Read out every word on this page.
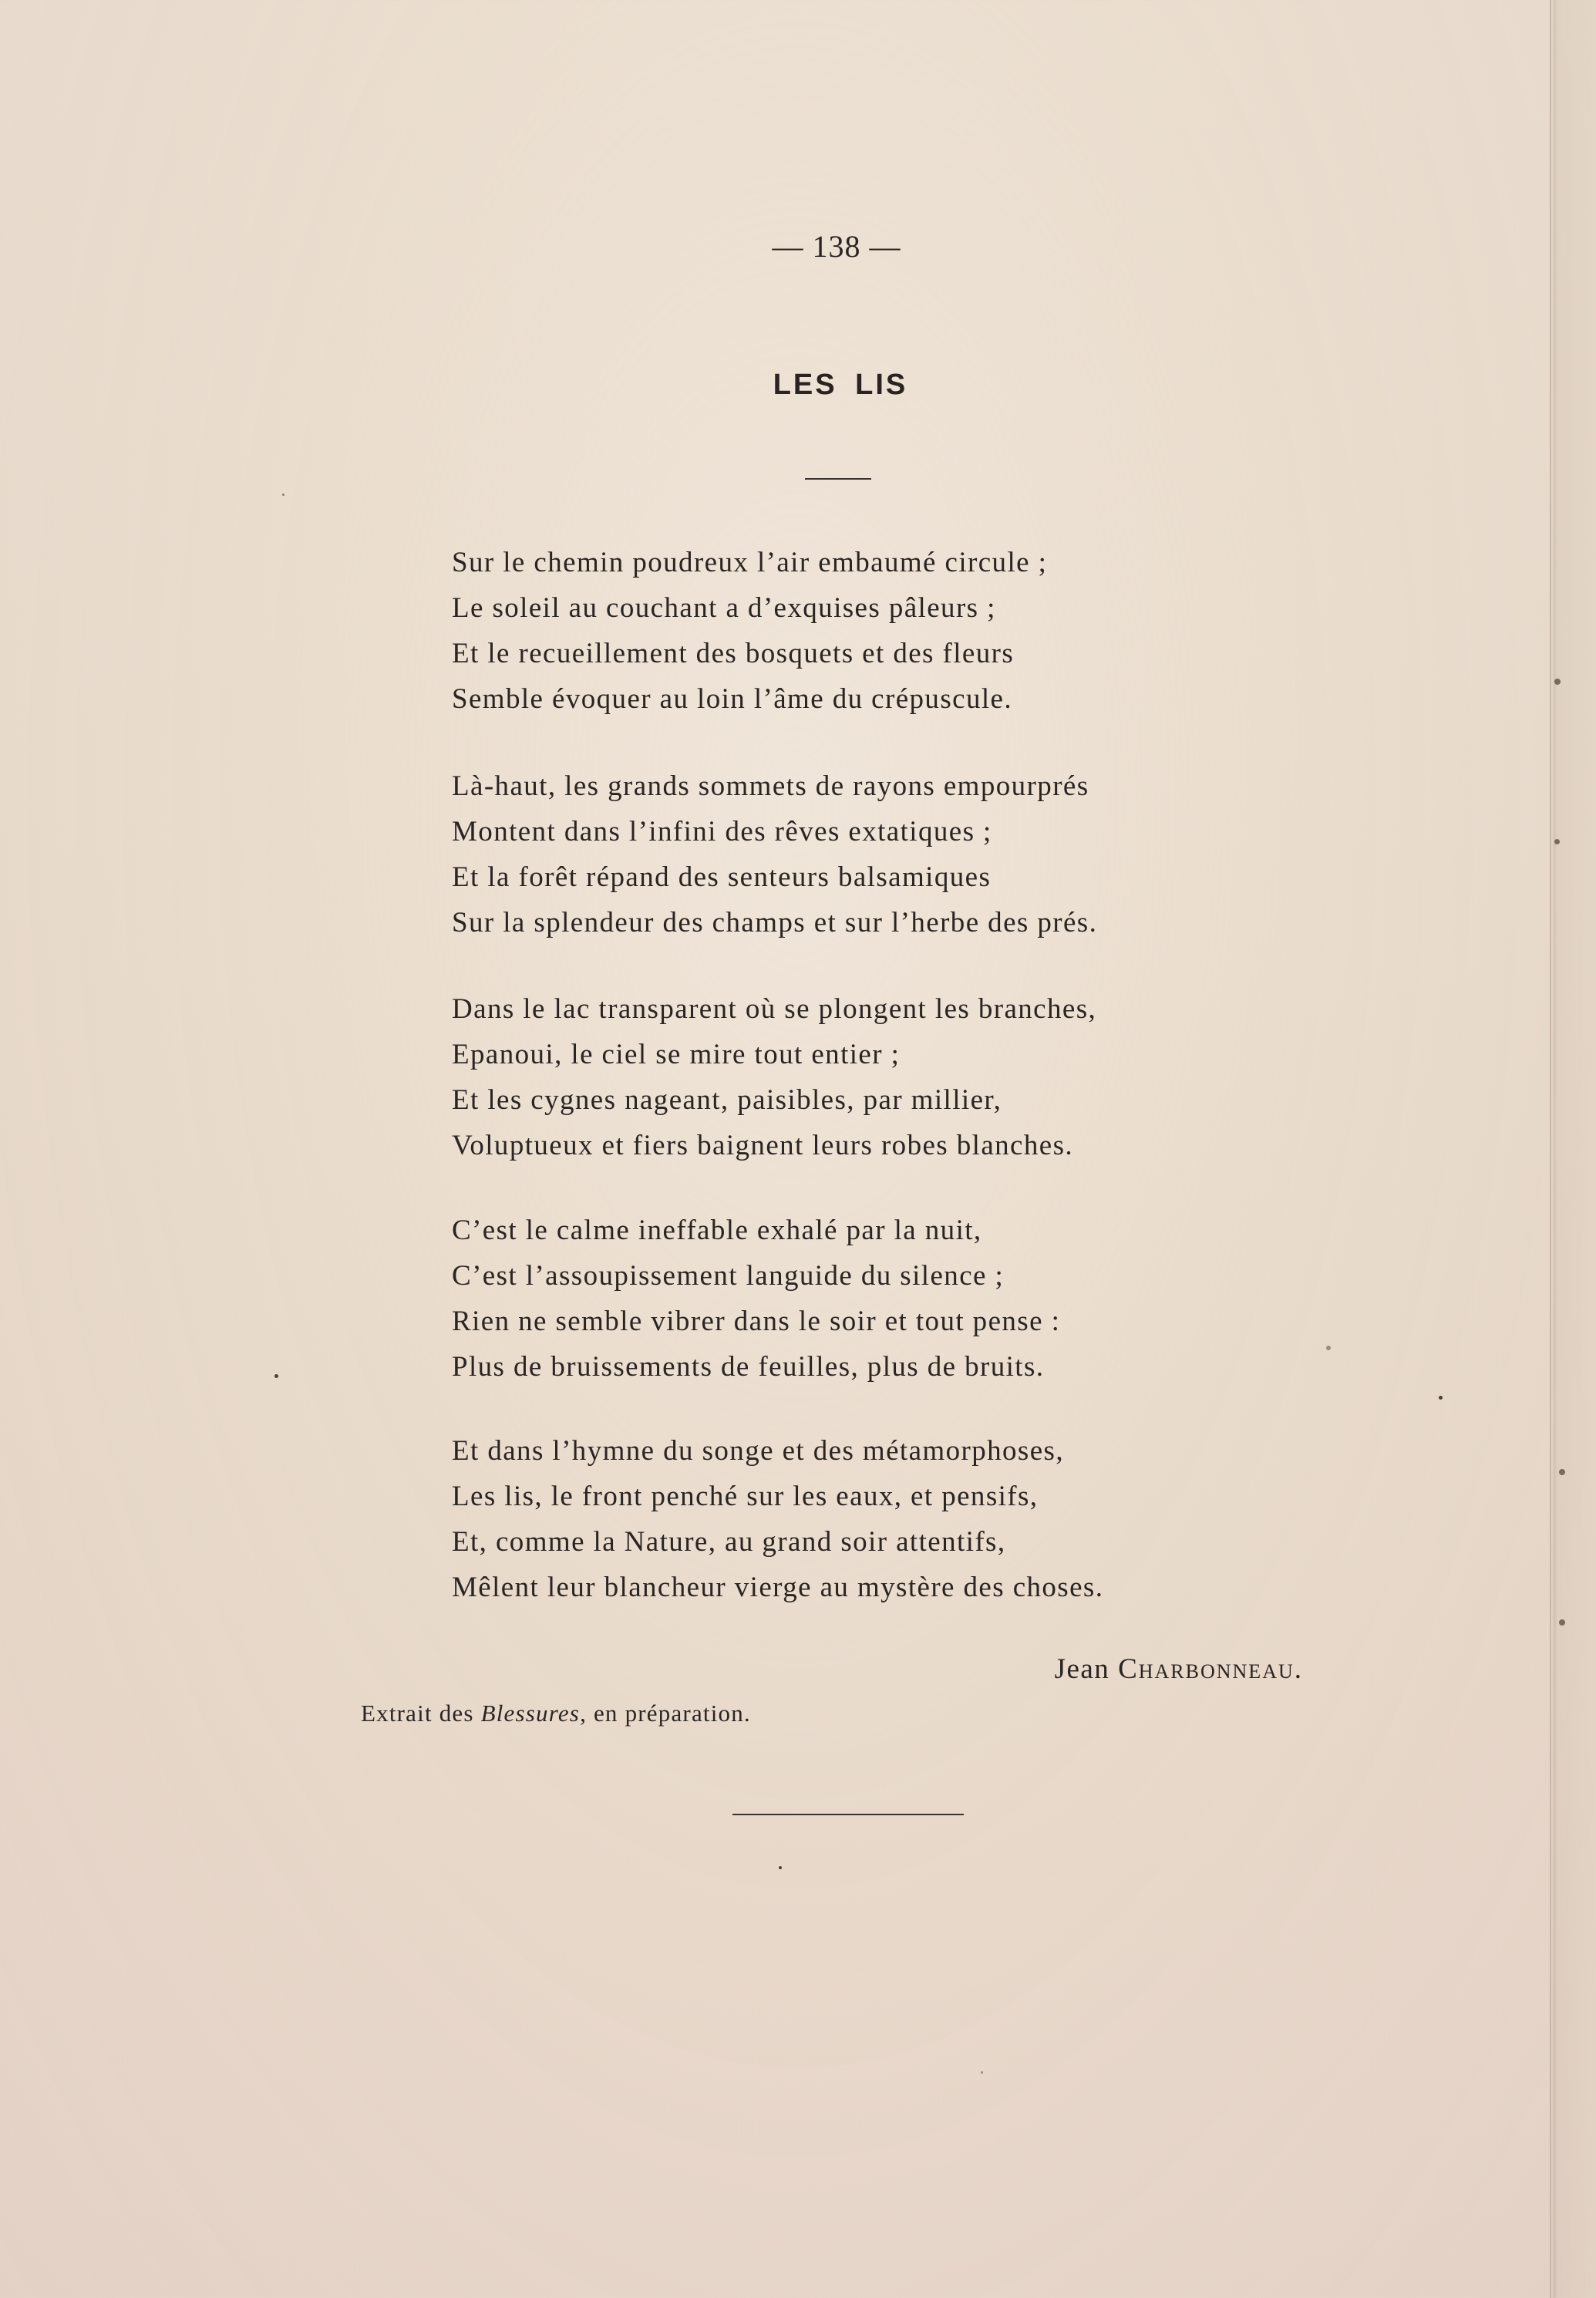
— 138 —
LES LIS
Sur le chemin poudreux l’air embaumé circule ;
Le soleil au couchant a d’exquises pâleurs ;
Et le recueillement des bosquets et des fleurs
Semble évoquer au loin l’âme du crépuscule.
Là-haut, les grands sommets de rayons empourprés
Montent dans l’infini des rêves extatiques ;
Et la forêt répand des senteurs balsamiques
Sur la splendeur des champs et sur l’herbe des prés.
Dans le lac transparent où se plongent les branches,
Epanoui, le ciel se mire tout entier ;
Et les cygnes nageant, paisibles, par millier,
Voluptueux et fiers baignent leurs robes blanches.
C’est le calme ineffable exhalé par la nuit,
C’est l’assoupissement languide du silence ;
Rien ne semble vibrer dans le soir et tout pense :
Plus de bruissements de feuilles, plus de bruits.
Et dans l’hymne du songe et des métamorphoses,
Les lis, le front penché sur les eaux, et pensifs,
Et, comme la Nature, au grand soir attentifs,
Mêlent leur blancheur vierge au mystère des choses.
Jean Charbonneau.
Extrait des Blessures, en préparation.
